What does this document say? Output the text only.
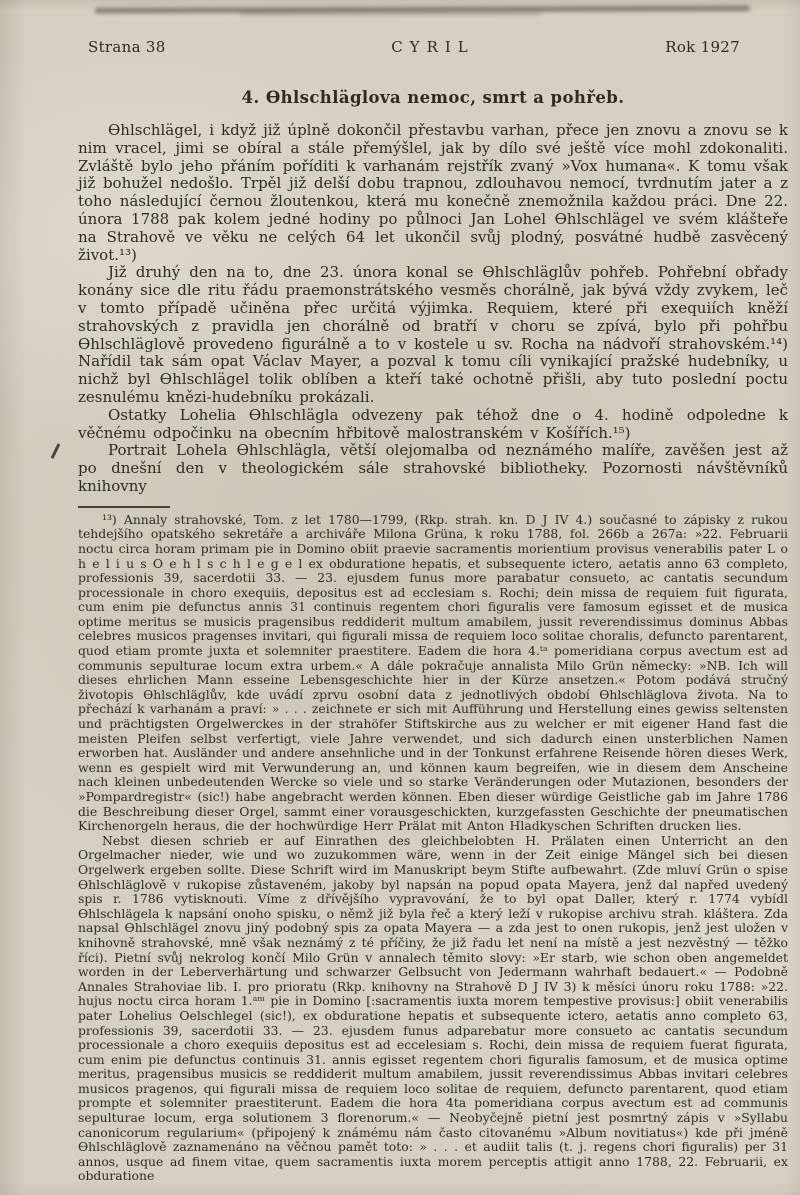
Strana 38	CYRIL	Rok 1927
4. Ɵhlschläglova nemoc, smrt a pohřeb.

Ɵhlschlägel, i když již úplně dokončil přestavbu varhan, přece jen znovu a znovu se k nim vracel, jimi se obíral a stále přemýšlel, jak by dílo své ještě více mohl zdokonaliti. Zvláště bylo jeho přáním poříditi k varhanám rejstřík zvaný »Vox humana«. K tomu však již bohužel nedošlo. Trpěl již delší dobu trapnou, zdlouhavou nemocí, tvrdnutím jater a z toho následující černou žloutenkou, která mu konečně znemožnila každou práci. Dne 22. února 1788 pak kolem jedné hodiny po půlnoci Jan Lohel Ɵhlschlägel ve svém klášteře na Strahově ve věku ne celých 64 let ukončil svůj plodný, posvátné hudbě zasvěcený život.¹³)

Již druhý den na to, dne 23. února konal se Ɵhlschläglův pohřeb. Pohřební obřady konány sice dle ritu řádu praemonstrátského vesměs chorálně, jak bývá vždy zvykem, leč v tomto případě učiněna přec určitá výjimka. Requiem, které při exequiích kněží strahovských z pravidla jen chorálně od bratří v choru se zpívá, bylo při pohřbu Ɵhlschläglově provedeno figurálně a to v kostele u sv. Rocha na nádvoří strahovském.¹⁴) Nařídil tak sám opat Václav Mayer, a pozval k tomu cíli vynikající pražské hudebníky, u nichž byl Ɵhlschlägel tolik oblíben a kteří také ochotně přišli, aby tuto poslední poctu zesnulému knězi-hudebníku prokázali.

Ostatky Lohelia Ɵhlschlägla odvezeny pak téhož dne o 4. hodině odpoledne k věčnému odpočinku na obecním hřbitově malostranském v Košířích.¹⁵)

Portrait Lohela Ɵhlschlägla, větší olejomalba od neznámého malíře, zavěšen jest až po dnešní den v theologickém sále strahovské bibliotheky. Pozornosti návštěvníků knihovny

¹³) Annaly strahovské, Tom. z let 1780—1799, (Rkp. strah. kn. D J IV 4.) současné to zápisky z rukou tehdejšího opatského sekretáře a archiváře Milona Grüna, k roku 1788, fol. 266b a 267a: »22. Februarii noctu circa horam primam pie in Domino obiit praevie sacramentis morientium provisus venerabilis pater L o h e l i u s O e h l s c h l e g e l ex obduratione hepatis, et subsequente ictero, aetatis anno 63 completo, professionis 39, sacerdotii 33. — 23. ejusdem funus more parabatur consueto, ac cantatis secundum processionale in choro exequiis, depositus est ad ecclesiam s. Rochi; dein missa de requiem fuit figurata, cum enim pie defunctus annis 31 continuis regentem chori figuralis vere famosum egisset et de musica optime meritus se musicis pragensibus reddiderit multum amabilem, jussit reverendissimus dominus Abbas celebres musicos pragenses invitari, qui figurali missa de requiem loco solitae choralis, defuncto parentarent, quod etiam promte juxta et solemniter praestitere. Eadem die hora 4.ᵗᵃ pomeridiana corpus avectum est ad communis sepulturae locum extra urbem.« A dále pokračuje annalista Milo Grün německy: »NB. Ich will dieses ehrlichen Mann esseine Lebensgeschichte hier in der Kürze ansetzen.« Potom podává stručný životopis Ɵhlschläglův, kde uvádí zprvu osobní data z jednotlivých období Ɵhlschläglova života. Na to přechází k varhanám a praví: » . . . zeichnete er sich mit Aufführung und Herstellung eines gewiss seltensten und prächtigsten Orgelwerckes in der strahöfer Stiftskirche aus zu welcher er mit eigener Hand fast die meisten Pleifen selbst verfertigt, viele Jahre verwendet, und sich dadurch einen unsterblichen Namen erworben hat. Ausländer und andere ansehnliche und in der Tonkunst erfahrene Reisende hören dieses Werk, wenn es gespielt wird mit Verwunderung an, und können kaum begreifen, wie in diesem dem Anscheine nach kleinen unbedeutenden Wercke so viele und so starke Veränderungen oder Mutazionen, besonders der »Pompardregistr« (sic!) habe angebracht werden können. Eben dieser würdige Geistliche gab im Jahre 1786 die Beschreibung dieser Orgel, sammt einer vorausgeschickten, kurzgefassten Geschichte der pneumatischen Kirchenorgeln heraus, die der hochwürdige Herr Prälat mit Anton Hladkyschen Schriften drucken lies.

Nebst diesen schrieb er auf Einrathen des gleichbelobten H. Prälaten einen Unterricht an den Orgelmacher nieder, wie und wo zuzukommen wäre, wenn in der Zeit einige Mängel sich bei diesen Orgelwerk ergeben sollte. Diese Schrift wird im Manuskript beym Stifte aufbewahrt. (Zde mluví Grün o spise Ɵhlschläglově v rukopise zůstaveném, jakoby byl napsán na popud opata Mayera, jenž dal napřed uvedený spis r. 1786 vytisknouti. Víme z dřívějšího vypravování, že to byl opat Daller, který r. 1774 vybídl Ɵhlschlägela k napsání onoho spisku, o němž již byla řeč a který leží v rukopise archivu strah. kláštera. Zda napsal Ɵhlschlägel znovu jiný podobný spis za opata Mayera — a zda jest to onen rukopis, jenž jest uložen v knihovně strahovské, mně však neznámý z té příčiny, že již řadu let není na místě a jest nezvěstný — těžko říci). Pietní svůj nekrolog končí Milo Grün v annalech těmito slovy: »Er starb, wie schon oben angemeldet worden in der Leberverhärtung und schwarzer Gelbsucht von Jedermann wahrhaft bedauert.« — Podobně Annales Strahoviae lib. I. pro prioratu (Rkp. knihovny na Strahově D J IV 3) k měsíci únoru roku 1788: »22. hujus noctu circa horam 1.ᵃᵐ pie in Domino [:sacramentis iuxta morem tempestive provisus:] obiit venerabilis pater Lohelius Oelschlegel (sic!), ex obduratione hepatis et subsequente ictero, aetatis anno completo 63, professionis 39, sacerdotii 33. — 23. ejusdem funus adparebatur more consueto ac cantatis secundum processionale a choro exequiis depositus est ad eccelesiam s. Rochi, dein missa de requiem fuerat figurata, cum enim pie defunctus continuis 31. annis egisset regentem chori figuralis famosum, et de musica optime meritus, pragensibus musicis se reddiderit multum amabilem, jussit reverendissimus Abbas invitari celebres musicos pragenos, qui figurali missa de requiem loco solitae de requiem, defuncto parentarent, quod etiam prompte et solemniter praestiterunt. Eadem die hora 4ta pomeridiana corpus avectum est ad communis sepulturae locum, erga solutionem 3 florenorum.« — Neobyčejně pietní jest posmrtný zápis v »Syllabu canonicorum regularium« (připojený k známému nám často citovanému »Album novitiatus«) kde při jméně Ɵhlschläglově zaznamenáno na věčnou pamět toto: » . . . et audiit talis (t. j. regens chori figuralis) per 31 annos, usque ad finem vitae, quem sacramentis iuxta morem perceptis attigit anno 1788, 22. Februarii, ex obduratione
